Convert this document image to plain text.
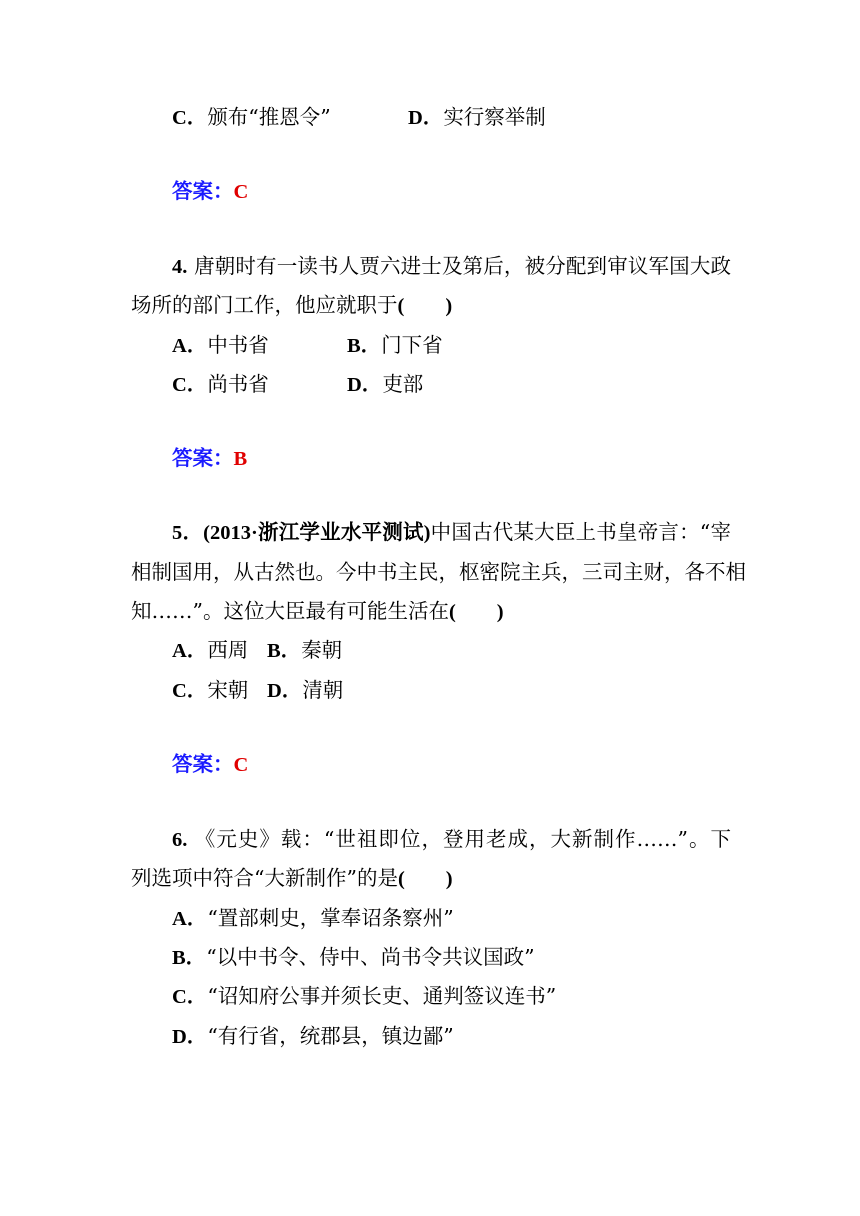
C．颁布“推恩令”	D．实行察举制
答案：C
4. 唐朝时有一读书人贾六进士及第后，被分配到审议军国大政
场所的部门工作，他应就职于(　　)
A．中书省	B．门下省
C．尚书省	D．吏部
答案：B
5．(2013·浙江学业水平测试)中国古代某大臣上书皇帝言：“宰
相制国用，从古然也。今中书主民，枢密院主兵，三司主财，各不相
知……”。这位大臣最有可能生活在(　　)
A．西周 B．秦朝
C．宋朝 D．清朝
答案：C
6. 《元史》载：“世祖即位，登用老成，大新制作……”。下
列选项中符合“大新制作”的是(　　)
A．“置部刺史，掌奉诏条察州”
B．“以中书令、侍中、尚书令共议国政”
C．“诏知府公事并须长吏、通判签议连书”
D．“有行省，统郡县，镇边鄙”
